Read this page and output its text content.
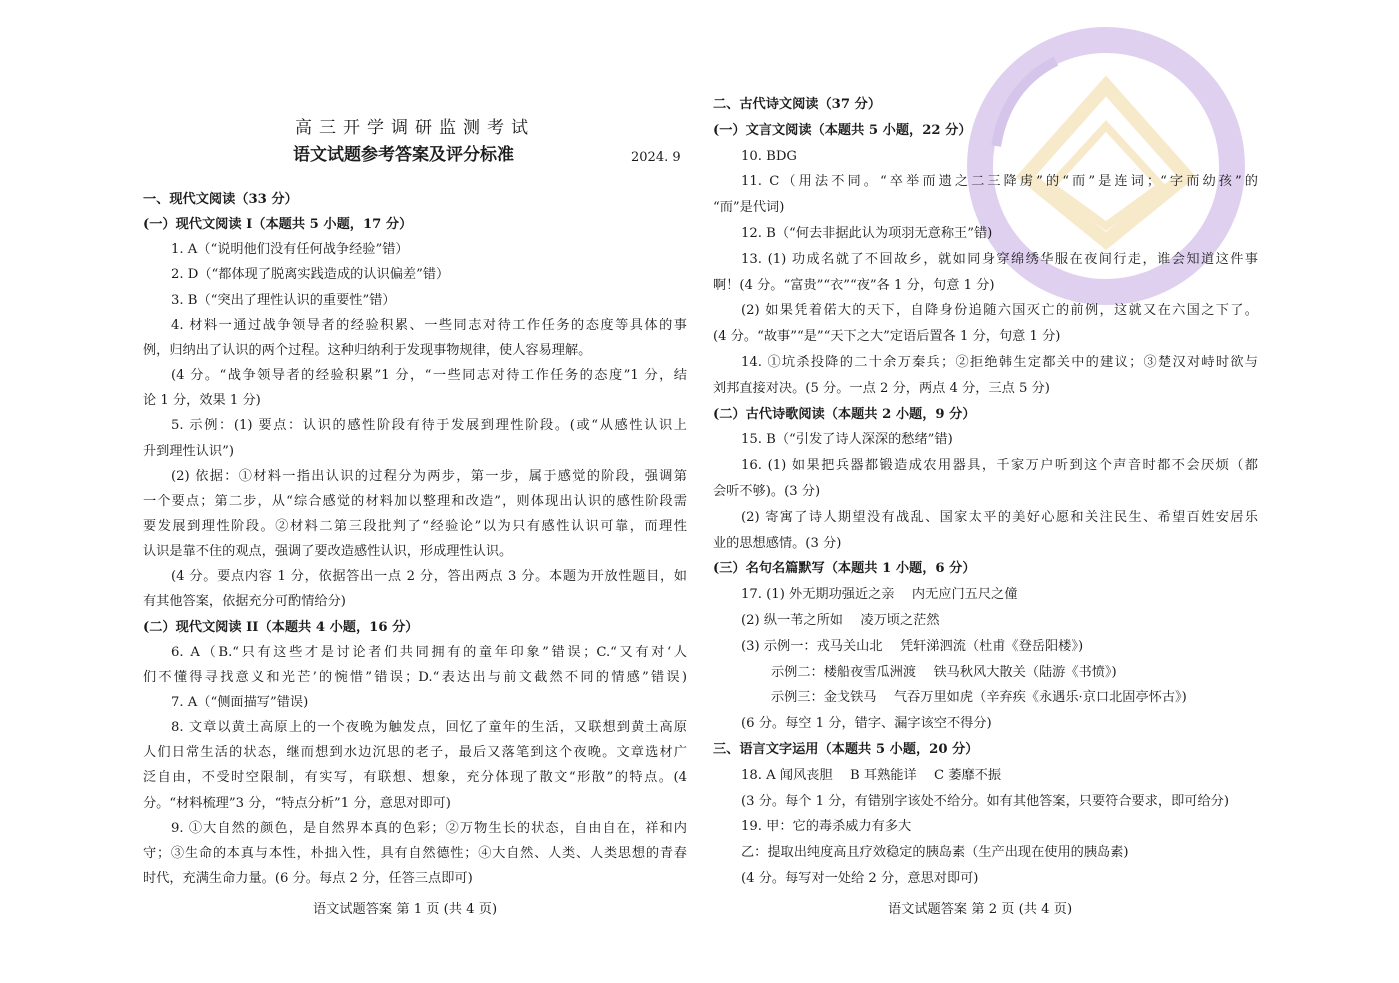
高三开学调研监测考试
语文试题参考答案及评分标准	2024. 9
一、现代文阅读（33 分）
(一）现代文阅读 I（本题共 5 小题，17 分）
1. A（“说明他们没有任何战争经验”错）
2. D（“都体现了脱离实践造成的认识偏差”错）
3. B（“突出了理性认识的重要性”错）
4. 材料一通过战争领导者的经验积累、一些同志对待工作任务的态度等具体的事
例，归纳出了认识的两个过程。这种归纳利于发现事物规律，使人容易理解。
(4 分。“战争领导者的经验积累”1 分，“一些同志对待工作任务的态度”1 分，结
论 1 分，效果 1 分)
5. 示例：(1) 要点：认识的感性阶段有待于发展到理性阶段。(或“从感性认识上
升到理性认识”)
(2) 依据：①材料一指出认识的过程分为两步，第一步，属于感觉的阶段，强调第
一个要点；第二步，从“综合感觉的材料加以整理和改造”，则体现出认识的感性阶段需
要发展到理性阶段。②材料二第三段批判了“经验论”以为只有感性认识可靠，而理性
认识是靠不住的观点，强调了要改造感性认识，形成理性认识。
(4 分。要点内容 1 分，依据答出一点 2 分，答出两点 3 分。本题为开放性题目，如
有其他答案，依据充分可酌情给分)
(二）现代文阅读 II（本题共 4 小题，16 分）
6. A（B.“只有这些才是讨论者们共同拥有的童年印象”错误；C.“又有对‘人
们不懂得寻找意义和光芒’的惋惜”错误；D.“表达出与前文截然不同的情感”错误)
7. A（“侧面描写”错误)
8. 文章以黄土高原上的一个夜晚为触发点，回忆了童年的生活，又联想到黄土高原
人们日常生活的状态，继而想到水边沉思的老子，最后又落笔到这个夜晚。文章选材广
泛自由，不受时空限制，有实写，有联想、想象，充分体现了散文“形散”的特点。(4
分。“材料梳理”3 分，“特点分析”1 分，意思对即可)
9. ①大自然的颜色，是自然界本真的色彩；②万物生长的状态，自由自在，祥和内
守；③生命的本真与本性，朴拙入性，具有自然德性；④大自然、人类、人类思想的青春
时代，充满生命力量。(6 分。每点 2 分，任答三点即可)
二、古代诗文阅读（37 分）
(一）文言文阅读（本题共 5 小题，22 分）
10. BDG
11. C（用法不同。“卒举而遗之二三降虏”的“而”是连词；“字而幼孩”的
“而”是代词)
12. B（“何去非据此认为项羽无意称王”错)
13. (1) 功成名就了不回故乡，就如同身穿绵绣华服在夜间行走，谁会知道这件事
啊！(4 分。“富贵”“衣”“夜”各 1 分，句意 1 分)
(2) 如果凭着偌大的天下，自降身份追随六国灭亡的前例，这就又在六国之下了。
(4 分。“故事”“是”“天下之大”定语后置各 1 分，句意 1 分)
14. ①坑杀投降的二十余万秦兵；②拒绝韩生定都关中的建议；③楚汉对峙时欲与
刘邦直接对决。(5 分。一点 2 分，两点 4 分，三点 5 分)
(二）古代诗歌阅读（本题共 2 小题，9 分）
15. B（“引发了诗人深深的愁绪”错)
16. (1) 如果把兵器都锻造成农用器具，千家万户听到这个声音时都不会厌烦（都
会听不够)。(3 分)
(2) 寄寓了诗人期望没有战乱、国家太平的美好心愿和关注民生、希望百姓安居乐
业的思想感情。(3 分)
(三）名句名篇默写（本题共 1 小题，6 分）
17. (1) 外无期功强近之亲　 内无应门五尺之僮
(2) 纵一苇之所如　 凌万顷之茫然
(3) 示例一：戎马关山北　 凭轩涕泗流（杜甫《登岳阳楼》)
示例二：楼船夜雪瓜洲渡　 铁马秋风大散关（陆游《书愤》)
示例三：金戈铁马　 气吞万里如虎（辛弃疾《永遇乐·京口北固亭怀古》)
(6 分。每空 1 分，错字、漏字该空不得分)
三、语言文字运用（本题共 5 小题，20 分）
18. A 闻风丧胆　 B 耳熟能详　 C 萎靡不振
(3 分。每个 1 分，有错别字该处不给分。如有其他答案，只要符合要求，即可给分)
19. 甲：它的毒杀威力有多大
乙：提取出纯度高且疗效稳定的胰岛素（生产出现在使用的胰岛素)
(4 分。每写对一处给 2 分，意思对即可)
语文试题答案 第 1 页 (共 4 页)	语文试题答案 第 2 页 (共 4 页)
